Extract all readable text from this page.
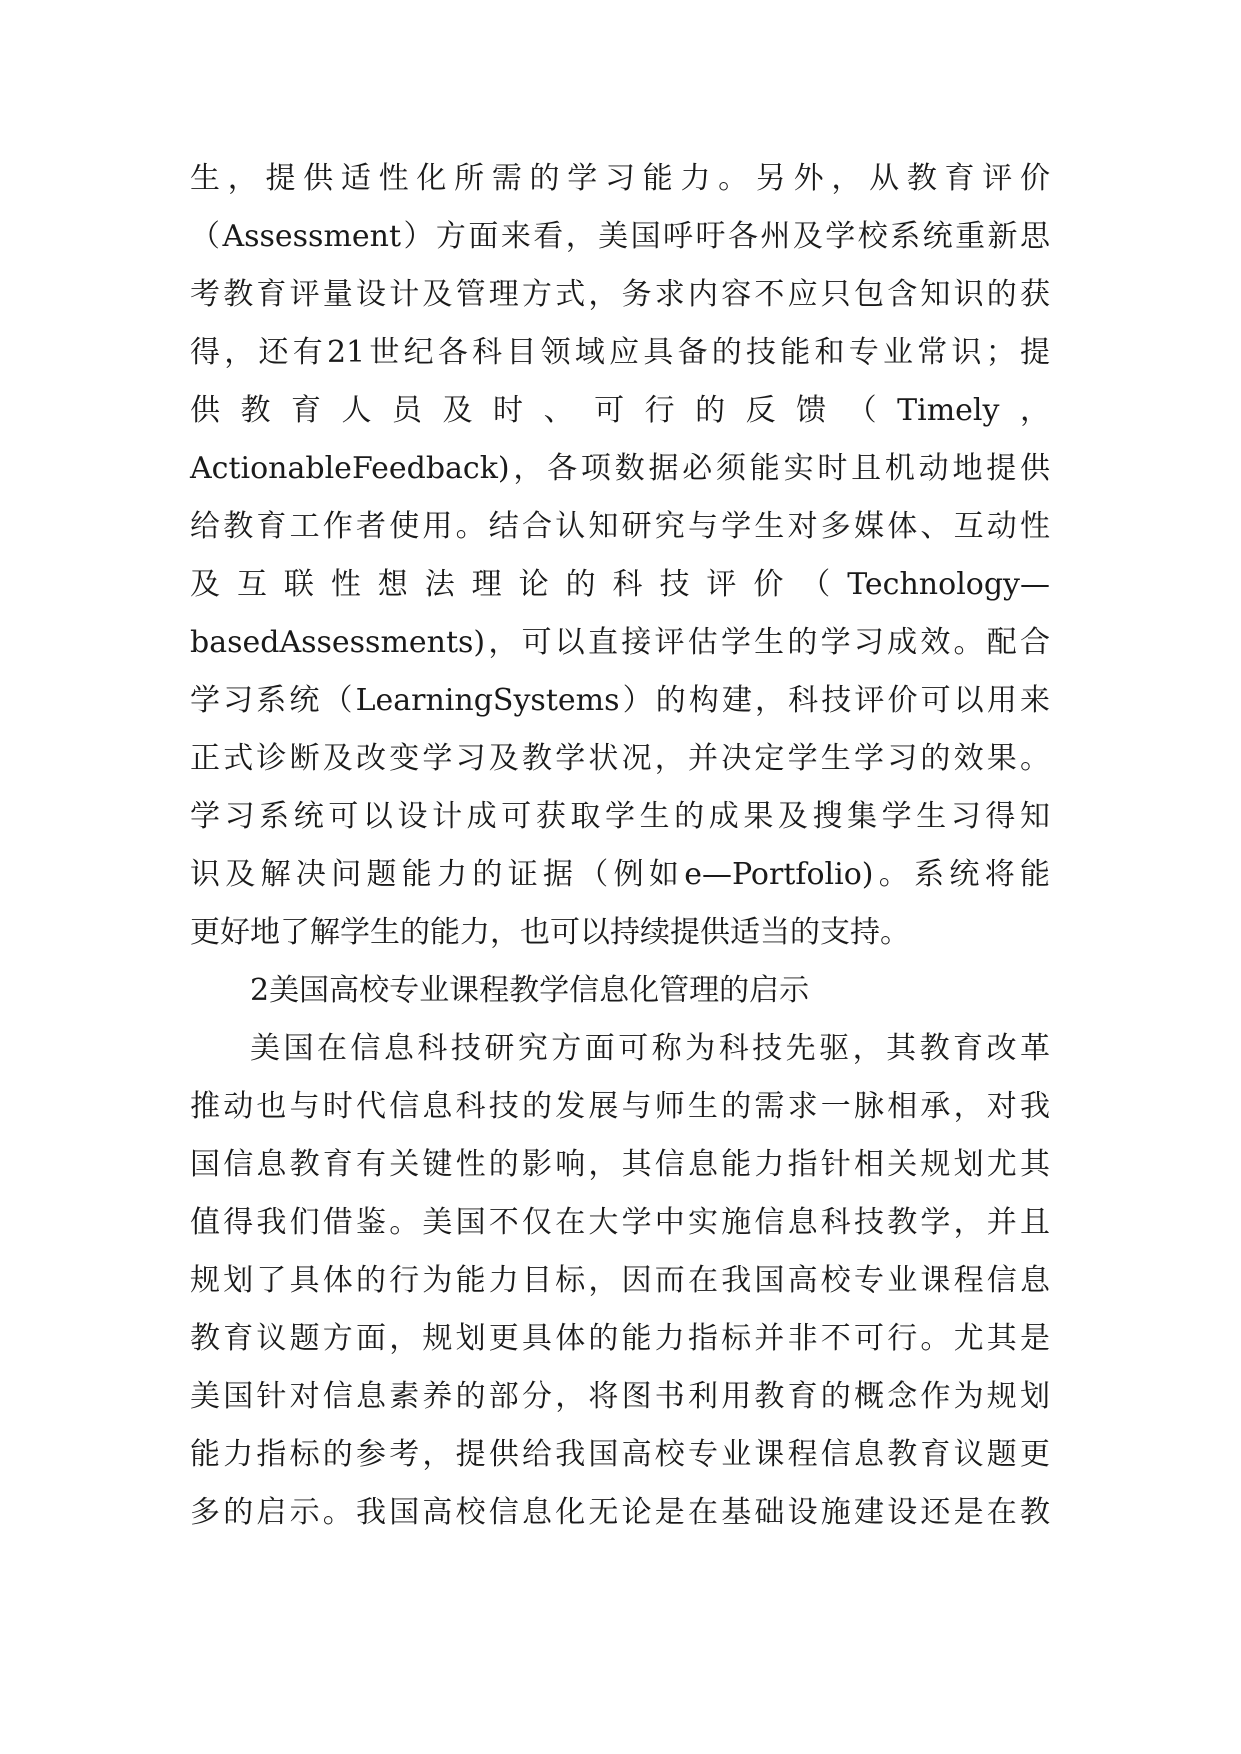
生，提供适性化所需的学习能力。另外，从教育评价
（Assessment）方面来看，美国呼吁各州及学校系统重新思
考教育评量设计及管理方式，务求内容不应只包含知识的获
得，还有21世纪各科目领域应具备的技能和专业常识；提
供教育人员及时、可行的反馈（Timely，
ActionableFeedback)，各项数据必须能实时且机动地提供
给教育工作者使用。结合认知研究与学生对多媒体、互动性
及互联性想法理论的科技评价（Technology—
basedAssessments)，可以直接评估学生的学习成效。配合
学习系统（LearningSystems）的构建，科技评价可以用来
正式诊断及改变学习及教学状况，并决定学生学习的效果。
学习系统可以设计成可获取学生的成果及搜集学生习得知
识及解决问题能力的证据（例如e—Portfolio)。系统将能
更好地了解学生的能力，也可以持续提供适当的支持。
2美国高校专业课程教学信息化管理的启示
美国在信息科技研究方面可称为科技先驱，其教育改革
推动也与时代信息科技的发展与师生的需求一脉相承，对我
国信息教育有关键性的影响，其信息能力指针相关规划尤其
值得我们借鉴。美国不仅在大学中实施信息科技教学，并且
规划了具体的行为能力目标，因而在我国高校专业课程信息
教育议题方面，规划更具体的能力指标并非不可行。尤其是
美国针对信息素养的部分，将图书利用教育的概念作为规划
能力指标的参考，提供给我国高校专业课程信息教育议题更
多的启示。我国高校信息化无论是在基础设施建设还是在教
